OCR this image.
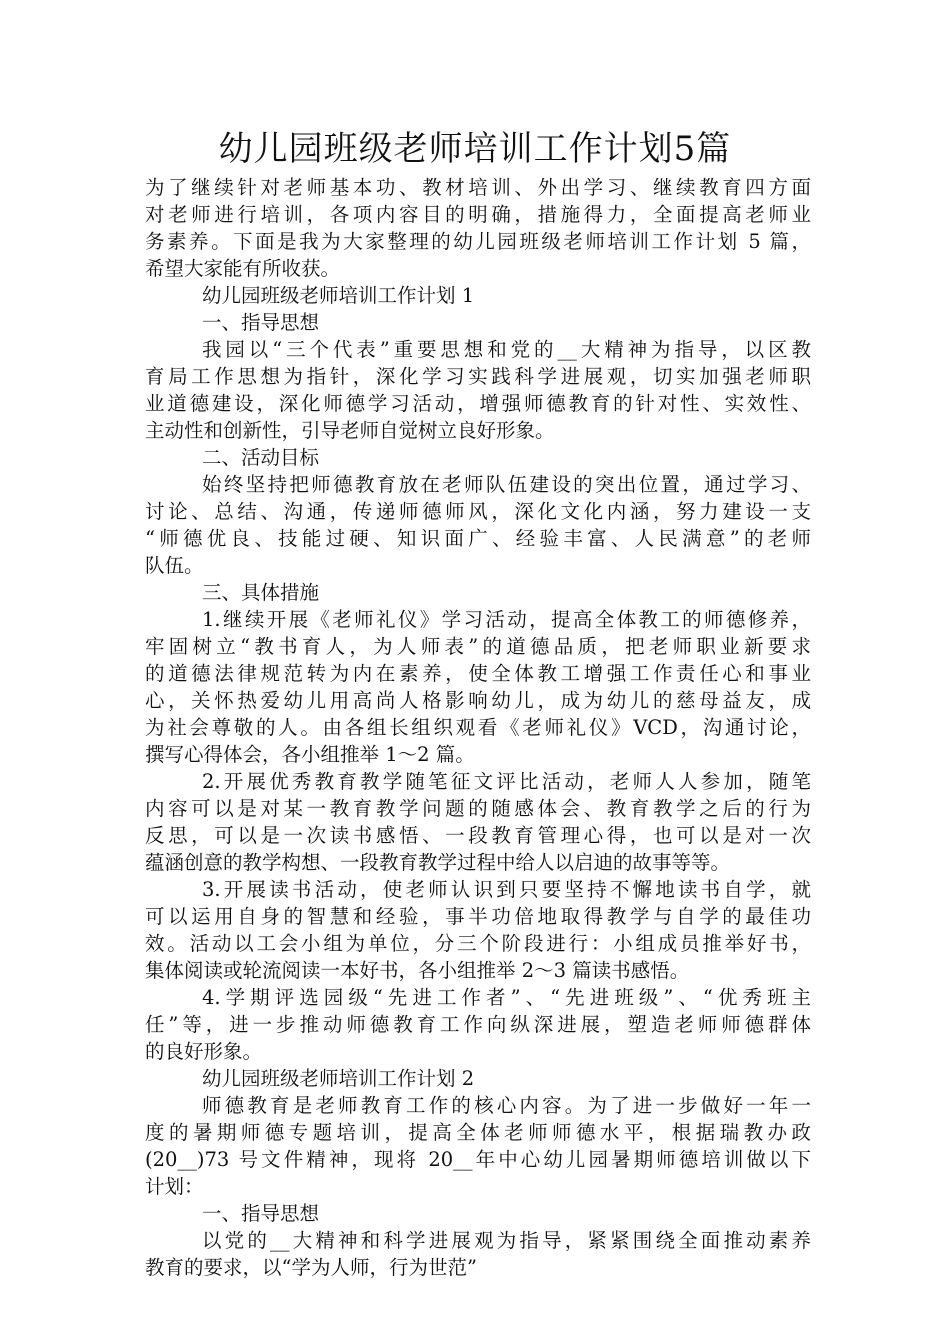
幼儿园班级老师培训工作计划5篇
为了继续针对老师基本功、教材培训、外出学习、继续教育四方面
对老师进行培训，各项内容目的明确，措施得力，全面提高老师业
务素养。下面是我为大家整理的幼儿园班级老师培训工作计划 5 篇，
希望大家能有所收获。
幼儿园班级老师培训工作计划 1
一、指导思想
我园以“三个代表”重要思想和党的__大精神为指导，以区教
育局工作思想为指针，深化学习实践科学进展观，切实加强老师职
业道德建设，深化师德学习活动，增强师德教育的针对性、实效性、
主动性和创新性，引导老师自觉树立良好形象。
二、活动目标
始终坚持把师德教育放在老师队伍建设的突出位置，通过学习、
讨论、总结、沟通，传递师德师风，深化文化内涵，努力建设一支
“师德优良、技能过硬、知识面广、经验丰富、人民满意”的老师
队伍。
三、具体措施
1.继续开展《老师礼仪》学习活动，提高全体教工的师德修养，
牢固树立“教书育人，为人师表”的道德品质，把老师职业新要求
的道德法律规范转为内在素养，使全体教工增强工作责任心和事业
心，关怀热爱幼儿用高尚人格影响幼儿，成为幼儿的慈母益友，成
为社会尊敬的人。由各组长组织观看《老师礼仪》VCD，沟通讨论，
撰写心得体会，各小组推举 1～2 篇。
2.开展优秀教育教学随笔征文评比活动，老师人人参加，随笔
内容可以是对某一教育教学问题的随感体会、教育教学之后的行为
反思，可以是一次读书感悟、一段教育管理心得，也可以是对一次
蕴涵创意的教学构想、一段教育教学过程中给人以启迪的故事等等。
3.开展读书活动，使老师认识到只要坚持不懈地读书自学，就
可以运用自身的智慧和经验，事半功倍地取得教学与自学的最佳功
效。活动以工会小组为单位，分三个阶段进行：小组成员推举好书，
集体阅读或轮流阅读一本好书，各小组推举 2～3 篇读书感悟。
4.学期评选园级“先进工作者”、“先进班级”、“优秀班主
任”等，进一步推动师德教育工作向纵深进展，塑造老师师德群体
的良好形象。
幼儿园班级老师培训工作计划 2
师德教育是老师教育工作的核心内容。为了进一步做好一年一
度的暑期师德专题培训，提高全体老师师德水平，根据瑞教办政
(20__)73 号文件精神，现将 20__年中心幼儿园暑期师德培训做以下
计划：
一、指导思想
以党的__大精神和科学进展观为指导，紧紧围绕全面推动素养
教育的要求，以“学为人师，行为世范”
